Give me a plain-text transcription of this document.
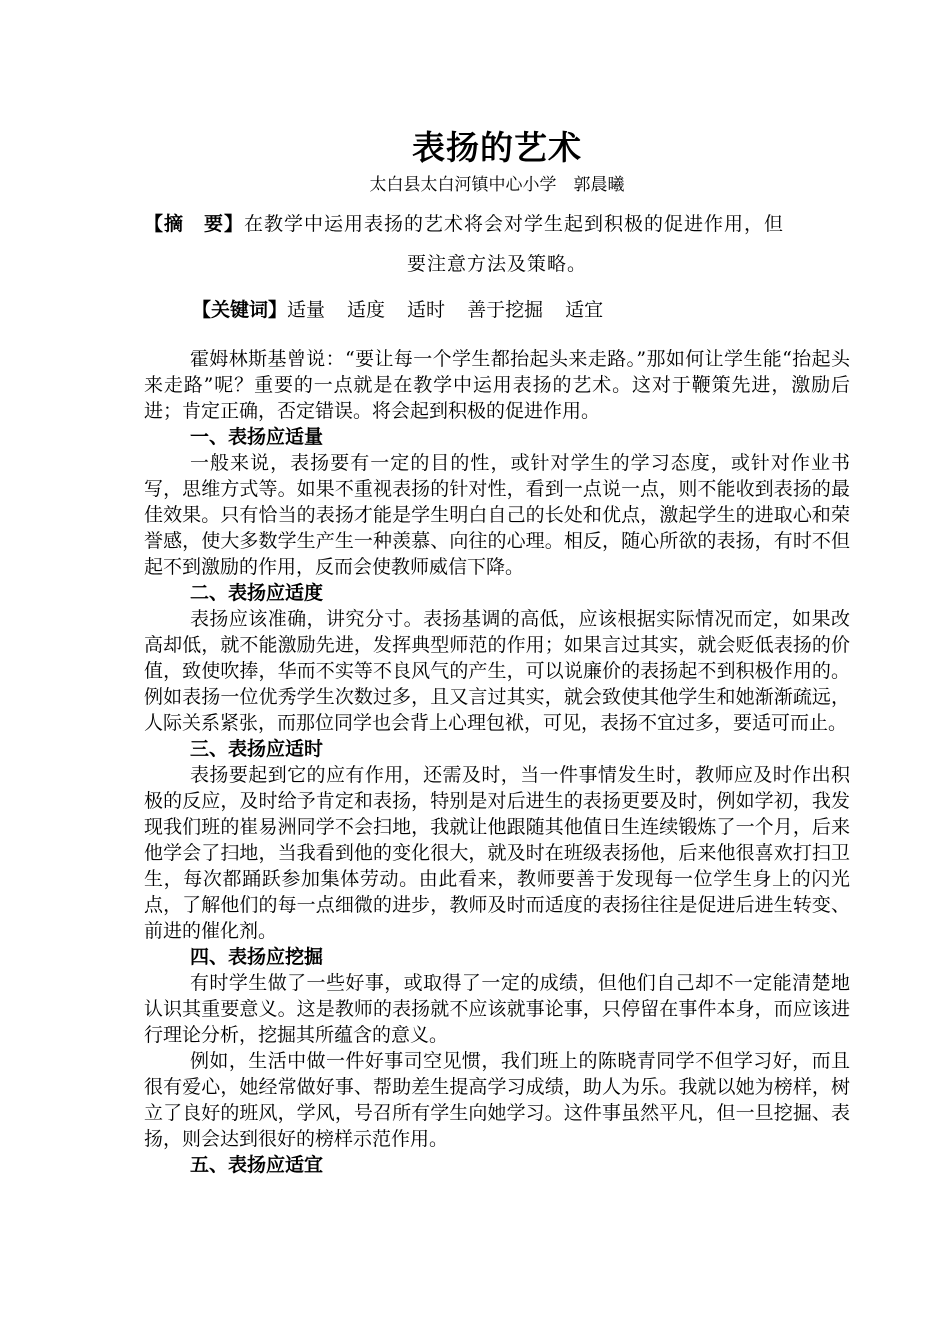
表扬的艺术
太白县太白河镇中心小学　郭晨曦
【摘　要】在教学中运用表扬的艺术将会对学生起到积极的促进作用，但
要注意方法及策略。
【关键词】适量 适度 适时 善于挖掘 适宜

霍姆林斯基曾说：“要让每一个学生都抬起头来走路。”那如何让学生能“抬起头来走路”呢？重要的一点就是在教学中运用表扬的艺术。这对于鞭策先进，激励后进；肯定正确，否定错误。将会起到积极的促进作用。

一、表扬应适量

一般来说，表扬要有一定的目的性，或针对学生的学习态度，或针对作业书写，思维方式等。如果不重视表扬的针对性，看到一点说一点，则不能收到表扬的最佳效果。只有恰当的表扬才能是学生明白自己的长处和优点，激起学生的进取心和荣誉感，使大多数学生产生一种羡慕、向往的心理。相反，随心所欲的表扬，有时不但起不到激励的作用，反而会使教师威信下降。

二、表扬应适度

表扬应该准确，讲究分寸。表扬基调的高低，应该根据实际情况而定，如果改高却低，就不能激励先进，发挥典型师范的作用；如果言过其实，就会贬低表扬的价值，致使吹捧，华而不实等不良风气的产生，可以说廉价的表扬起不到积极作用的。例如表扬一位优秀学生次数过多，且又言过其实，就会致使其他学生和她渐渐疏远，人际关系紧张，而那位同学也会背上心理包袱，可见，表扬不宜过多，要适可而止。

三、表扬应适时

表扬要起到它的应有作用，还需及时，当一件事情发生时，教师应及时作出积极的反应，及时给予肯定和表扬，特别是对后进生的表扬更要及时，例如学初，我发现我们班的崔易洲同学不会扫地，我就让他跟随其他值日生连续锻炼了一个月，后来他学会了扫地，当我看到他的变化很大，就及时在班级表扬他，后来他很喜欢打扫卫生，每次都踊跃参加集体劳动。由此看来，教师要善于发现每一位学生身上的闪光点，了解他们的每一点细微的进步，教师及时而适度的表扬往往是促进后进生转变、前进的催化剂。

四、表扬应挖掘

有时学生做了一些好事，或取得了一定的成绩，但他们自己却不一定能清楚地认识其重要意义。这是教师的表扬就不应该就事论事，只停留在事件本身，而应该进行理论分析，挖掘其所蕴含的意义。

例如，生活中做一件好事司空见惯，我们班上的陈晓青同学不但学习好，而且很有爱心，她经常做好事、帮助差生提高学习成绩，助人为乐。我就以她为榜样，树立了良好的班风，学风，号召所有学生向她学习。这件事虽然平凡，但一旦挖掘、表扬，则会达到很好的榜样示范作用。

五、表扬应适宜
